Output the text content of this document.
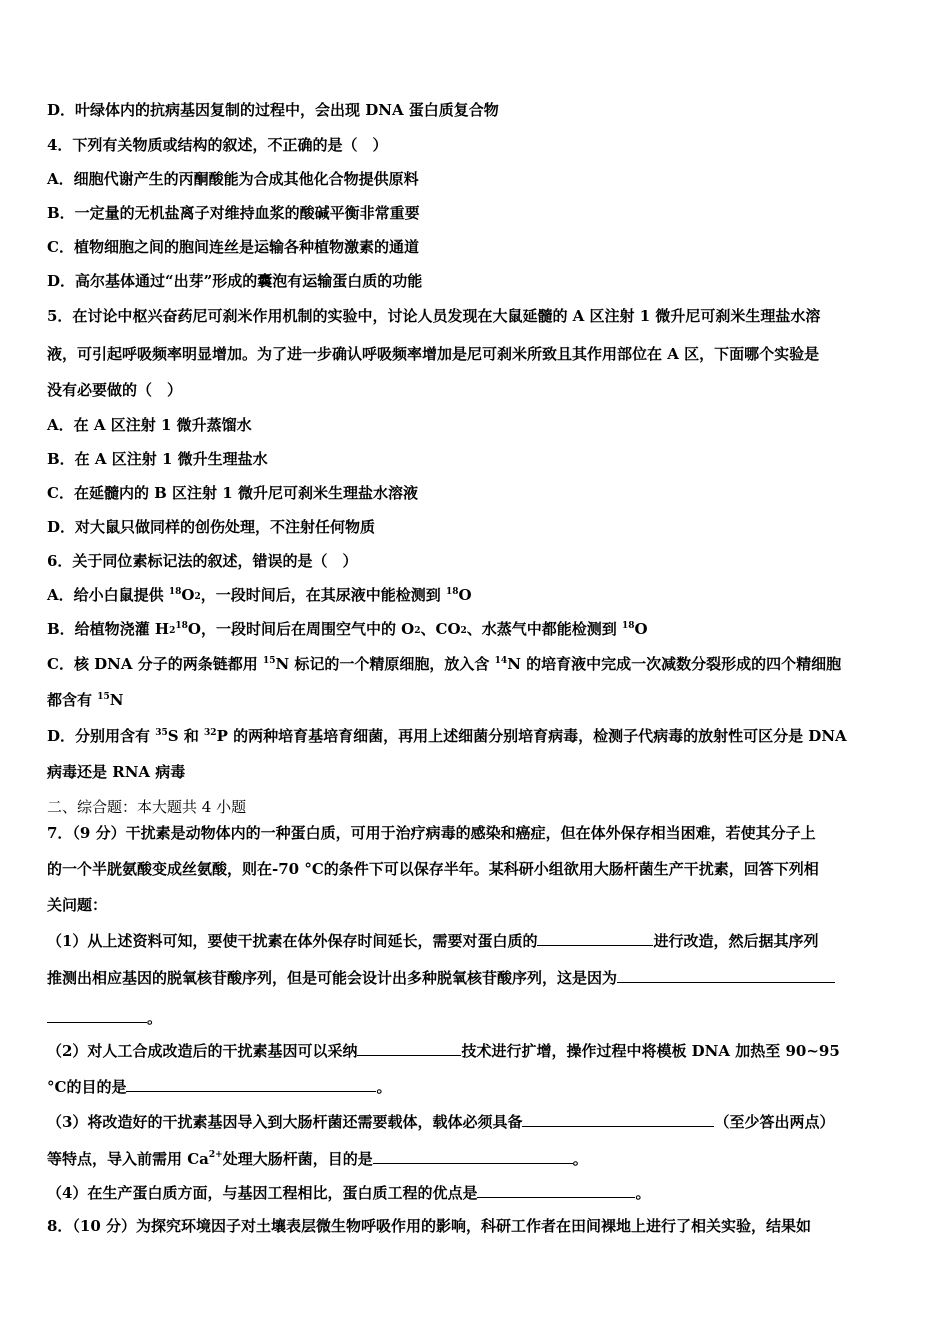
D．叶绿体内的抗病基因复制的过程中，会出现 DNA 蛋白质复合物
4．下列有关物质或结构的叙述，不正确的是（　）
A．细胞代谢产生的丙酮酸能为合成其他化合物提供原料
B．一定量的无机盐离子对维持血浆的酸碱平衡非常重要
C．植物细胞之间的胞间连丝是运输各种植物激素的通道
D．高尔基体通过“出芽”形成的囊泡有运输蛋白质的功能
5．在讨论中枢兴奋药尼可刹米作用机制的实验中，讨论人员发现在大鼠延髓的 A 区注射 1 微升尼可刹米生理盐水溶
液，可引起呼吸频率明显增加。为了进一步确认呼吸频率增加是尼可刹米所致且其作用部位在 A 区，下面哪个实验是
没有必要做的（　）
A．在 A 区注射 1 微升蒸馏水
B．在 A 区注射 1 微升生理盐水
C．在延髓内的 B 区注射 1 微升尼可刹米生理盐水溶液
D．对大鼠只做同样的创伤处理，不注射任何物质
6．关于同位素标记法的叙述，错误的是（　）
A．给小白鼠提供 $^{18}O_2$，一段时间后，在其尿液中能检测到 $^{18}$O
B．给植物浇灌 $H_2^{18}O$，一段时间后在周围空气中的 $O_2$、$CO_2$、水蒸气中都能检测到 $^{18}$O
C．核 DNA 分子的两条链都用 $^{15}$N 标记的一个精原细胞，放入含 $^{14}$N 的培育液中完成一次减数分裂形成的四个精细胞
都含有 $^{15}$N
D．分别用含有 $^{35}$S 和 $^{32}$P 的两种培育基培育细菌，再用上述细菌分别培育病毒，检测子代病毒的放射性可区分是 DNA
病毒还是 RNA 病毒
二、综合题：本大题共 4 小题
7．（9 分）干扰素是动物体内的一种蛋白质，可用于治疗病毒的感染和癌症，但在体外保存相当困难，若使其分子上
的一个半胱氨酸变成丝氨酸，则在-70 °C的条件下可以保存半年。某科研小组欲用大肠杆菌生产干扰素，回答下列相
关问题：
（1）从上述资料可知，要使干扰素在体外保存时间延长，需要对蛋白质的	进行改造，然后据其序列
推测出相应基因的脱氧核苷酸序列，但是可能会设计出多种脱氧核苷酸序列，这是因为
。
（2）对人工合成改造后的干扰素基因可以采纳	技术进行扩增，操作过程中将模板 DNA 加热至 90~95
°C的目的是	。
（3）将改造好的干扰素基因导入到大肠杆菌还需要载体，载体必须具备	（至少答出两点）
等特点，导入前需用 $Ca^{2+}$处理大肠杆菌，目的是	。
（4）在生产蛋白质方面，与基因工程相比，蛋白质工程的优点是	。
8．（10 分）为探究环境因子对土壤表层微生物呼吸作用的影响，科研工作者在田间裸地上进行了相关实验，结果如
